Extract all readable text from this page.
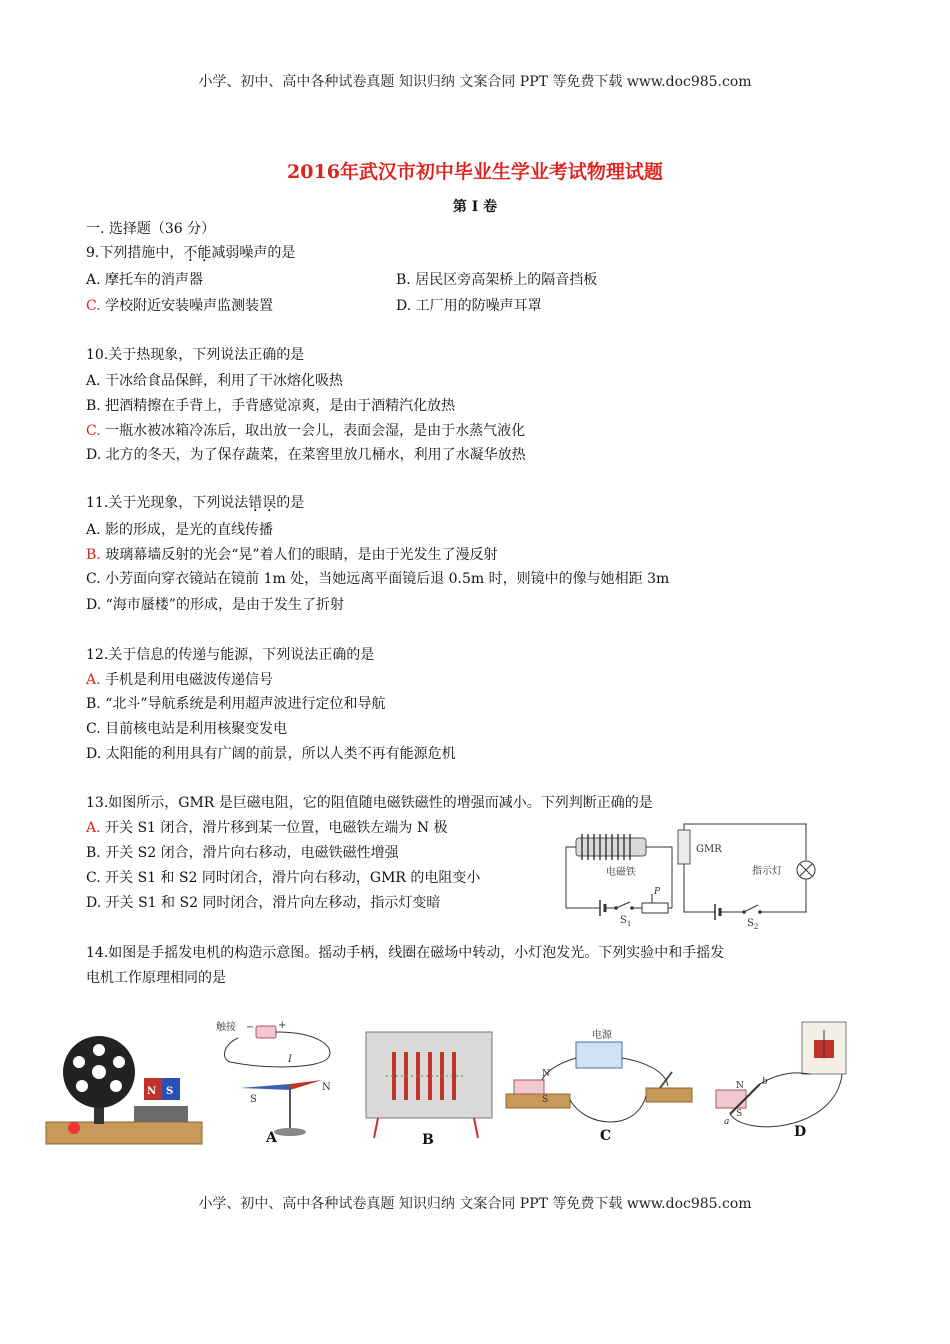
小学、初中、高中各种试卷真题 知识归纳 文案合同 PPT 等免费下载 www.doc985.com
2016年武汉市初中毕业生学业考试物理试题
第 I 卷
一. 选择题（36 分）
9.下列措施中，不能减弱噪声的是
A. 摩托车的消声器	B. 居民区旁高架桥上的隔音挡板
C. 学校附近安装噪声监测装置	D. 工厂用的防噪声耳罩
10.关于热现象，下列说法正确的是
A. 干冰给食品保鲜，利用了干冰熔化吸热
B. 把酒精擦在手背上，手背感觉凉爽，是由于酒精汽化放热
C. 一瓶水被冰箱冷冻后，取出放一会儿，表面会湿，是由于水蒸气液化
D. 北方的冬天，为了保存蔬菜，在菜窖里放几桶水，利用了水凝华放热
11.关于光现象，下列说法错误的是
A. 影的形成，是光的直线传播
B. 玻璃幕墙反射的光会“晃”着人们的眼睛，是由于光发生了漫反射
C. 小芳面向穿衣镜站在镜前 1m 处，当她远离平面镜后退 0.5m 时，则镜中的像与她相距 3m
D. “海市蜃楼”的形成，是由于发生了折射
12.关于信息的传递与能源，下列说法正确的是
A. 手机是利用电磁波传递信号
B. “北斗”导航系统是利用超声波进行定位和导航
C. 目前核电站是利用核聚变发电
D. 太阳能的利用具有广阔的前景，所以人类不再有能源危机
13.如图所示，GMR 是巨磁电阻，它的阻值随电磁铁磁性的增强而减小。下列判断正确的是
A. 开关 S1 闭合，滑片移到某一位置，电磁铁左端为 N 极
B. 开关 S2 闭合，滑片向右移动，电磁铁磁性增强
C. 开关 S1 和 S2 同时闭合，滑片向右移动，GMR 的电阻变小
D. 开关 S1 和 S2 同时闭合，滑片向左移动，指示灯变暗
$S_1$
P
电磁铁
GMR
指示灯
$S_2$
14.如图是手摇发电机的构造示意图。摇动手柄，线圈在磁场中转动，小灯泡发光。下列实验中和手摇发
电机工作原理相同的是
N S
触接	+
−
I
S
N
A	B
电源
N
S
C
N
S
a
b
D
小学、初中、高中各种试卷真题 知识归纳 文案合同 PPT 等免费下载 www.doc985.com
